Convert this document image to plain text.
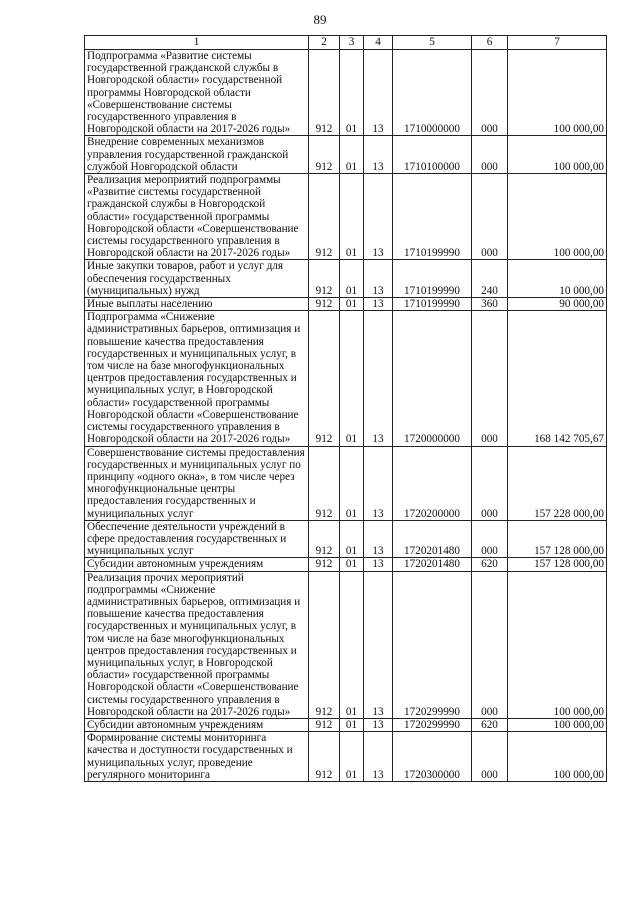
89
1	2	3	4	5	6	7
Подпрограмма «Развитие системы государственной гражданской службы в Новгородской области» государственной программы Новгородской области «Совершенствование системы государственного управления в Новгородской области на 2017-2026 годы»	912	01	13	1710000000	000	100 000,00
Внедрение современных механизмов управления государственной гражданской службой Новгородской области	912	01	13	1710100000	000	100 000,00
Реализация мероприятий подпрограммы «Развитие системы государственной гражданской службы в Новгородской области» государственной программы Новгородской области «Совершенствование системы государственного управления в Новгородской области на 2017-2026 годы»	912	01	13	1710199990	000	100 000,00
Иные закупки товаров, работ и услуг для обеспечения государственных (муниципальных) нужд	912	01	13	1710199990	240	10 000,00
Иные выплаты населению	912	01	13	1710199990	360	90 000,00
Подпрограмма «Снижение административных барьеров, оптимизация и повышение качества предоставления государственных и муниципальных услуг, в том числе на базе многофункциональных центров предоставления государственных и муниципальных услуг, в Новгородской области» государственной программы Новгородской области «Совершенствование системы государственного управления в Новгородской области на 2017-2026 годы»	912	01	13	1720000000	000	168 142 705,67
Совершенствование системы предоставления государственных и муниципальных услуг по принципу «одного окна», в том числе через многофункциональные центры предоставления государственных и муниципальных услуг	912	01	13	1720200000	000	157 228 000,00
Обеспечение деятельности учреждений в сфере предоставления государственных и муниципальных услуг	912	01	13	1720201480	000	157 128 000,00
Субсидии автономным учреждениям	912	01	13	1720201480	620	157 128 000,00
Реализация прочих мероприятий подпрограммы «Снижение административных барьеров, оптимизация и повышение качества предоставления государственных и муниципальных услуг, в том числе на базе многофункциональных центров предоставления государственных и муниципальных услуг, в Новгородской области» государственной программы Новгородской области «Совершенствование системы государственного управления в Новгородской области на 2017-2026 годы»	912	01	13	1720299990	000	100 000,00
Субсидии автономным учреждениям	912	01	13	1720299990	620	100 000,00
Формирование системы мониторинга качества и доступности государственных и муниципальных услуг, проведение регулярного мониторинга	912	01	13	1720300000	000	100 000,00
